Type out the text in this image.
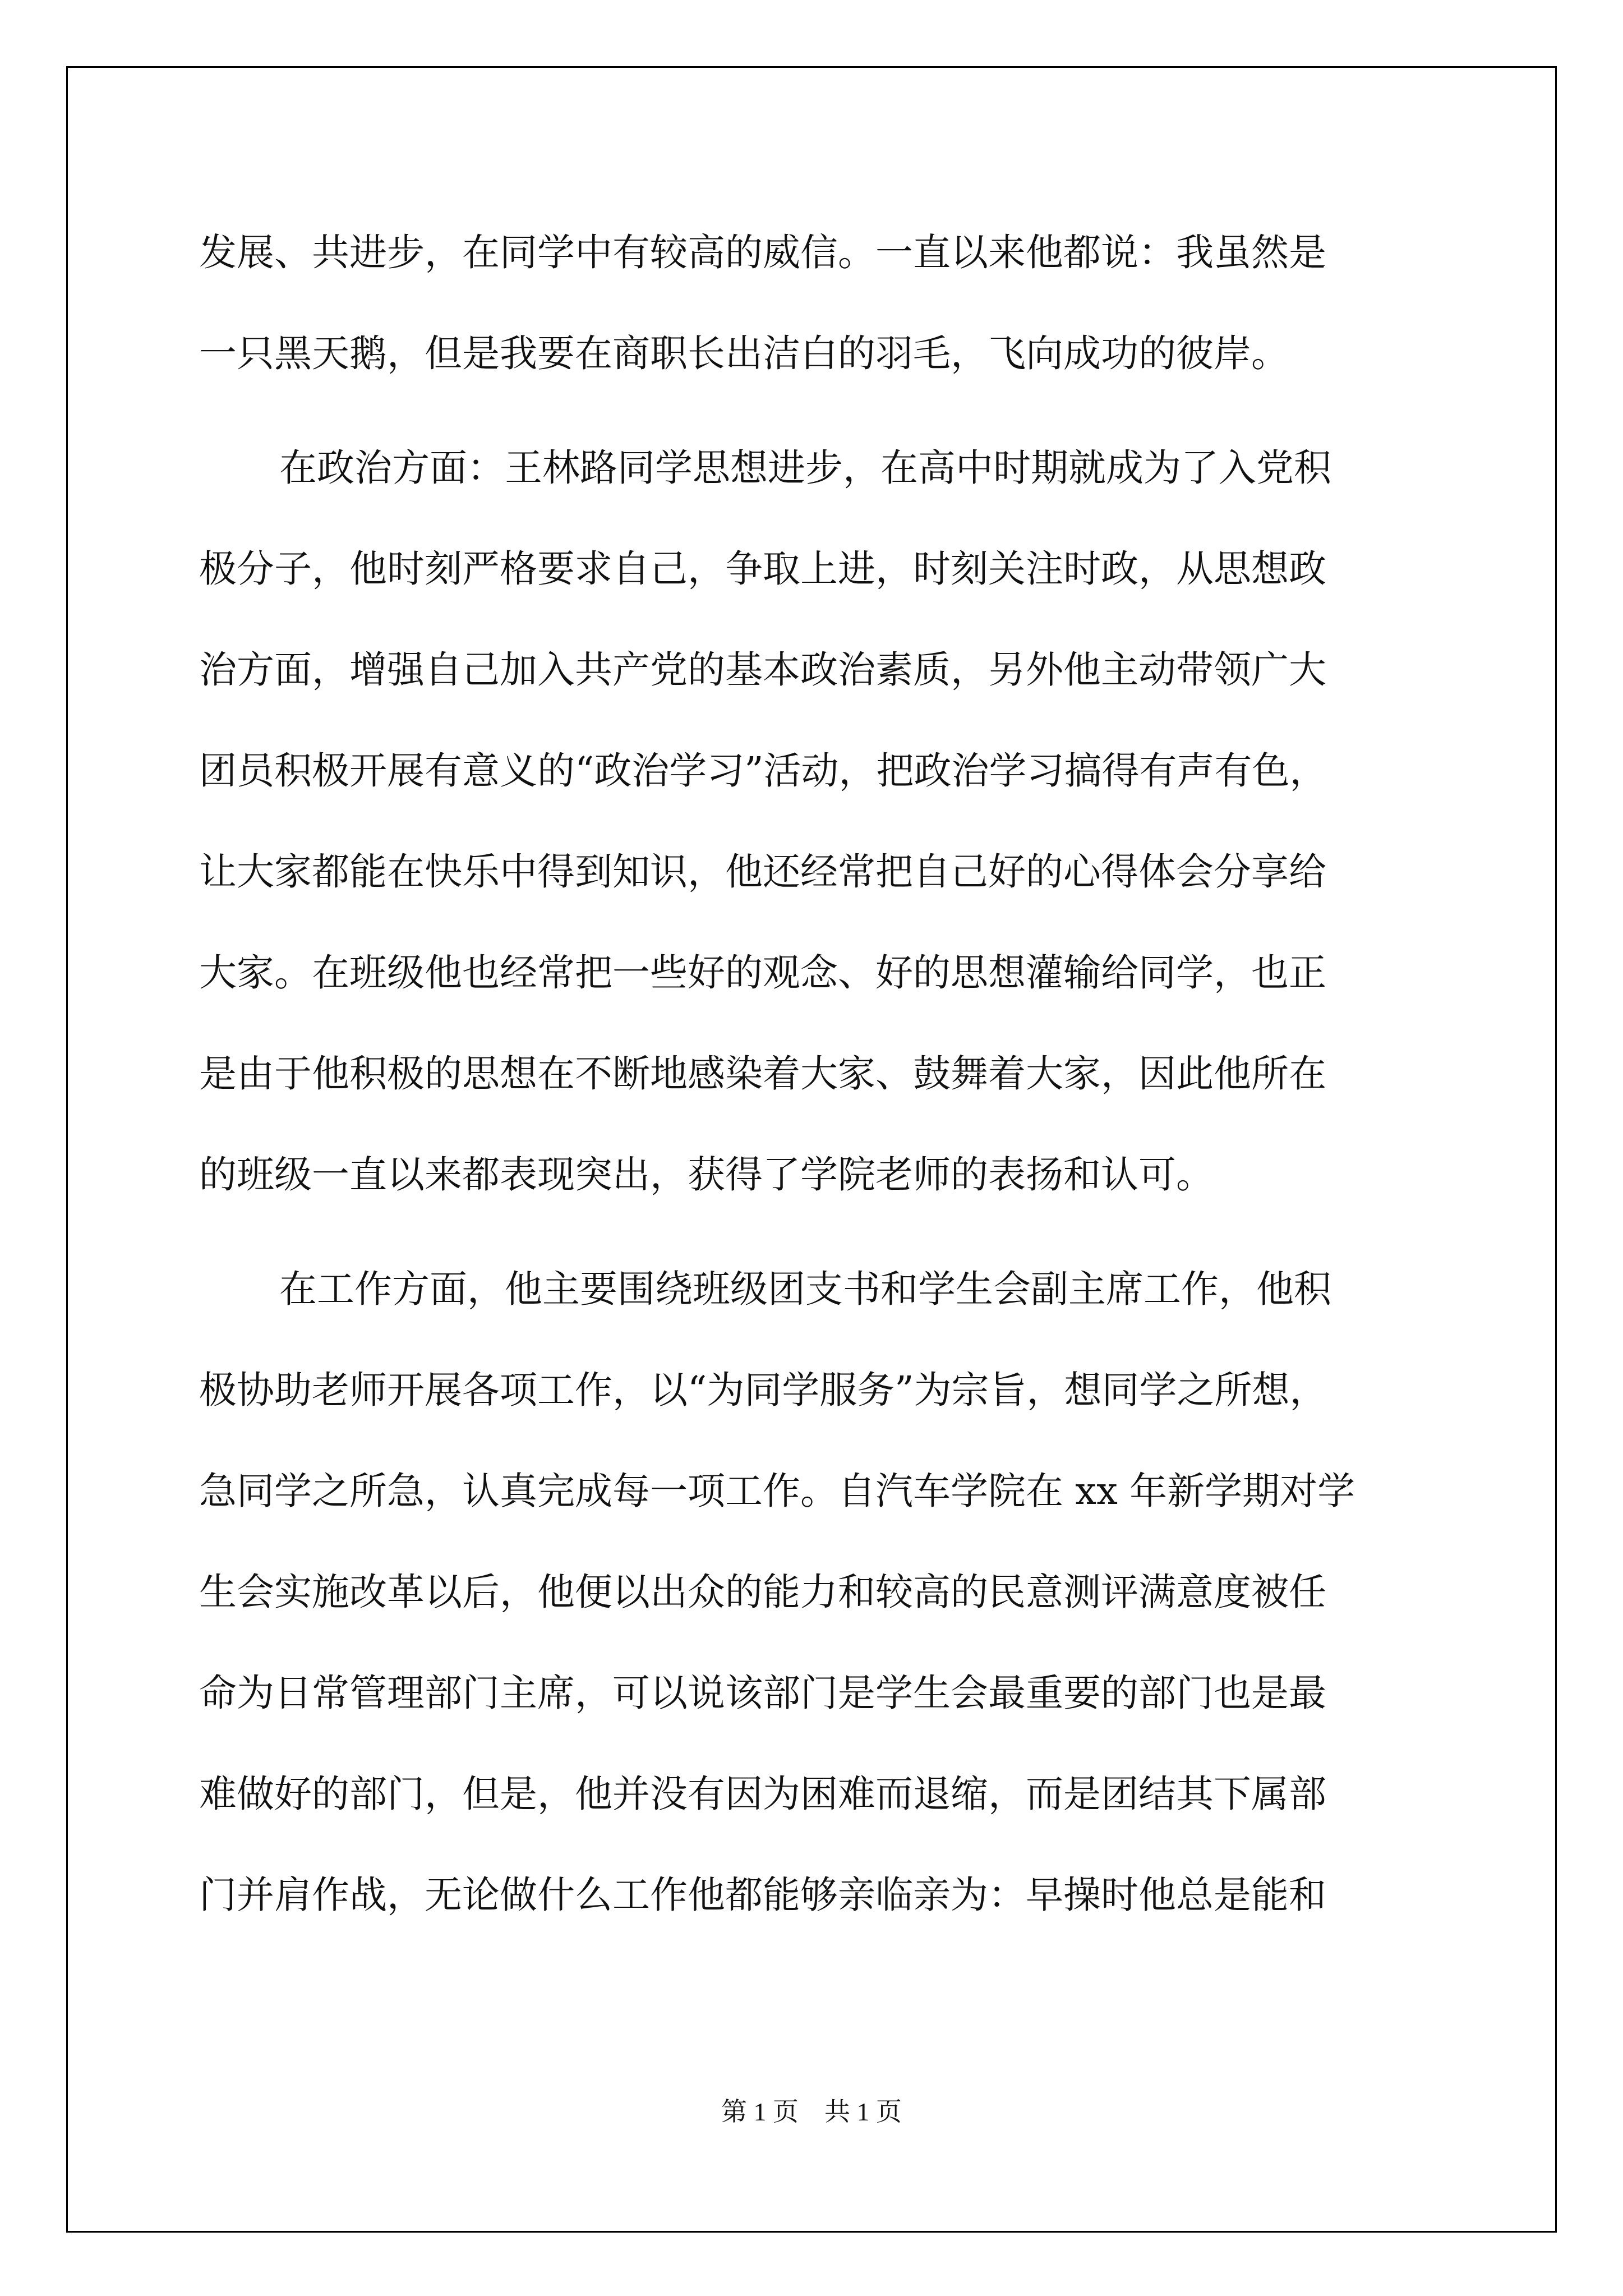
发展、共进步，在同学中有较高的威信。一直以来他都说：我虽然是

一只黑天鹅，但是我要在商职长出洁白的羽毛，飞向成功的彼岸。

在政治方面：王林路同学思想进步，在高中时期就成为了入党积

极分子，他时刻严格要求自己，争取上进，时刻关注时政，从思想政

治方面，增强自己加入共产党的基本政治素质，另外他主动带领广大

团员积极开展有意义的“政治学习”活动，把政治学习搞得有声有色，

让大家都能在快乐中得到知识，他还经常把自己好的心得体会分享给

大家。在班级他也经常把一些好的观念、好的思想灌输给同学，也正

是由于他积极的思想在不断地感染着大家、鼓舞着大家，因此他所在

的班级一直以来都表现突出，获得了学院老师的表扬和认可。

在工作方面，他主要围绕班级团支书和学生会副主席工作，他积

极协助老师开展各项工作，以“为同学服务”为宗旨，想同学之所想，

急同学之所急，认真完成每一项工作。自汽车学院在 xx 年新学期对学

生会实施改革以后，他便以出众的能力和较高的民意测评满意度被任

命为日常管理部门主席，可以说该部门是学生会最重要的部门也是最

难做好的部门，但是，他并没有因为困难而退缩，而是团结其下属部

门并肩作战，无论做什么工作他都能够亲临亲为：早操时他总是能和

第 1 页　共 1 页
